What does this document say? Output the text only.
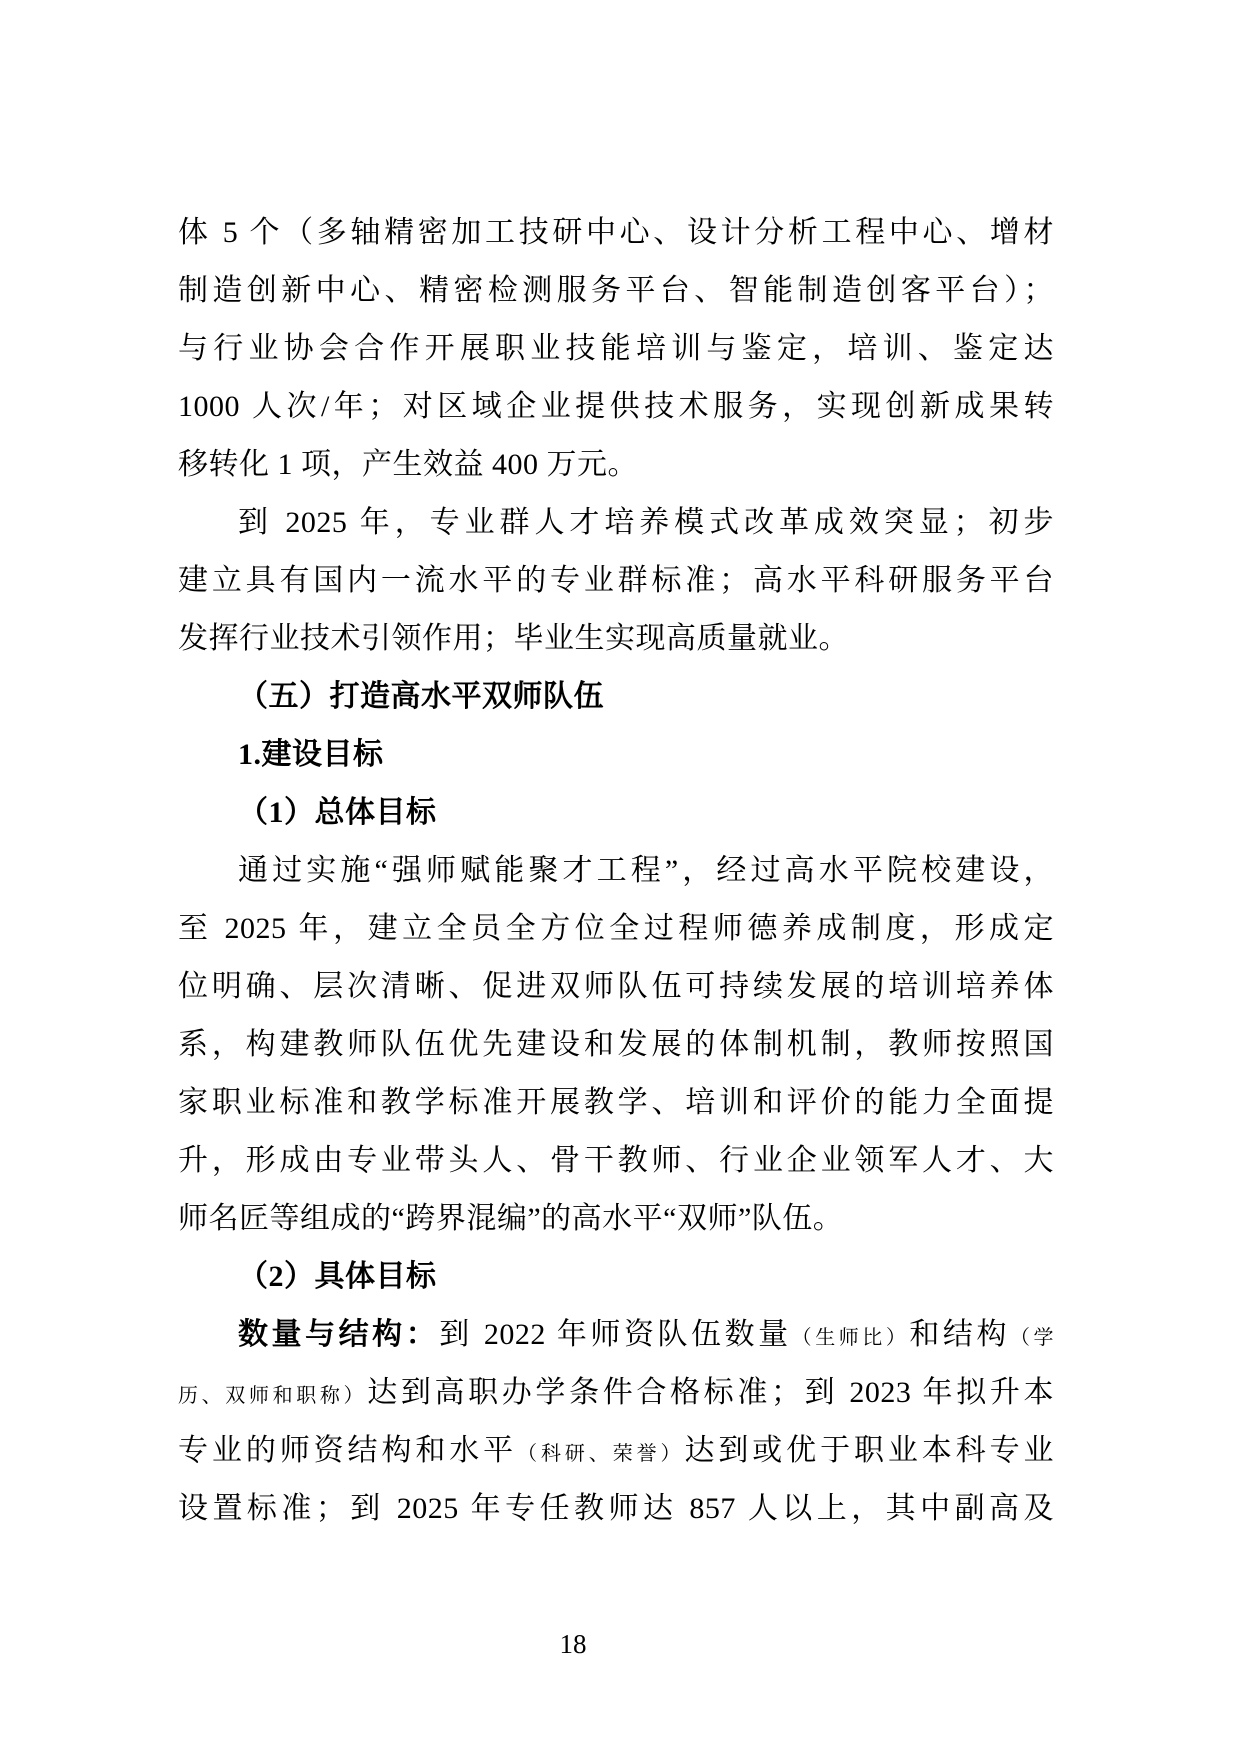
体 5 个（多轴精密加工技研中心、设计分析工程中心、增材
制造创新中心、精密检测服务平台、智能制造创客平台）；
与行业协会合作开展职业技能培训与鉴定，培训、鉴定达
1000 人次/年；对区域企业提供技术服务，实现创新成果转
移转化 1 项，产生效益 400 万元。
到 2025 年，专业群人才培养模式改革成效突显；初步
建立具有国内一流水平的专业群标准；高水平科研服务平台
发挥行业技术引领作用；毕业生实现高质量就业。
（五）打造高水平双师队伍
1.建设目标
（1）总体目标
通过实施“强师赋能聚才工程”，经过高水平院校建设，
至 2025 年，建立全员全方位全过程师德养成制度，形成定
位明确、层次清晰、促进双师队伍可持续发展的培训培养体
系，构建教师队伍优先建设和发展的体制机制，教师按照国
家职业标准和教学标准开展教学、培训和评价的能力全面提
升，形成由专业带头人、骨干教师、行业企业领军人才、大
师名匠等组成的“跨界混编”的高水平“双师”队伍。
（2）具体目标
数量与结构：到 2022 年师资队伍数量（生师比）和结构（学
历、双师和职称）达到高职办学条件合格标准；到 2023 年拟升本
专业的师资结构和水平（科研、荣誉）达到或优于职业本科专业
设置标准；到 2025 年专任教师达 857 人以上，其中副高及
18
